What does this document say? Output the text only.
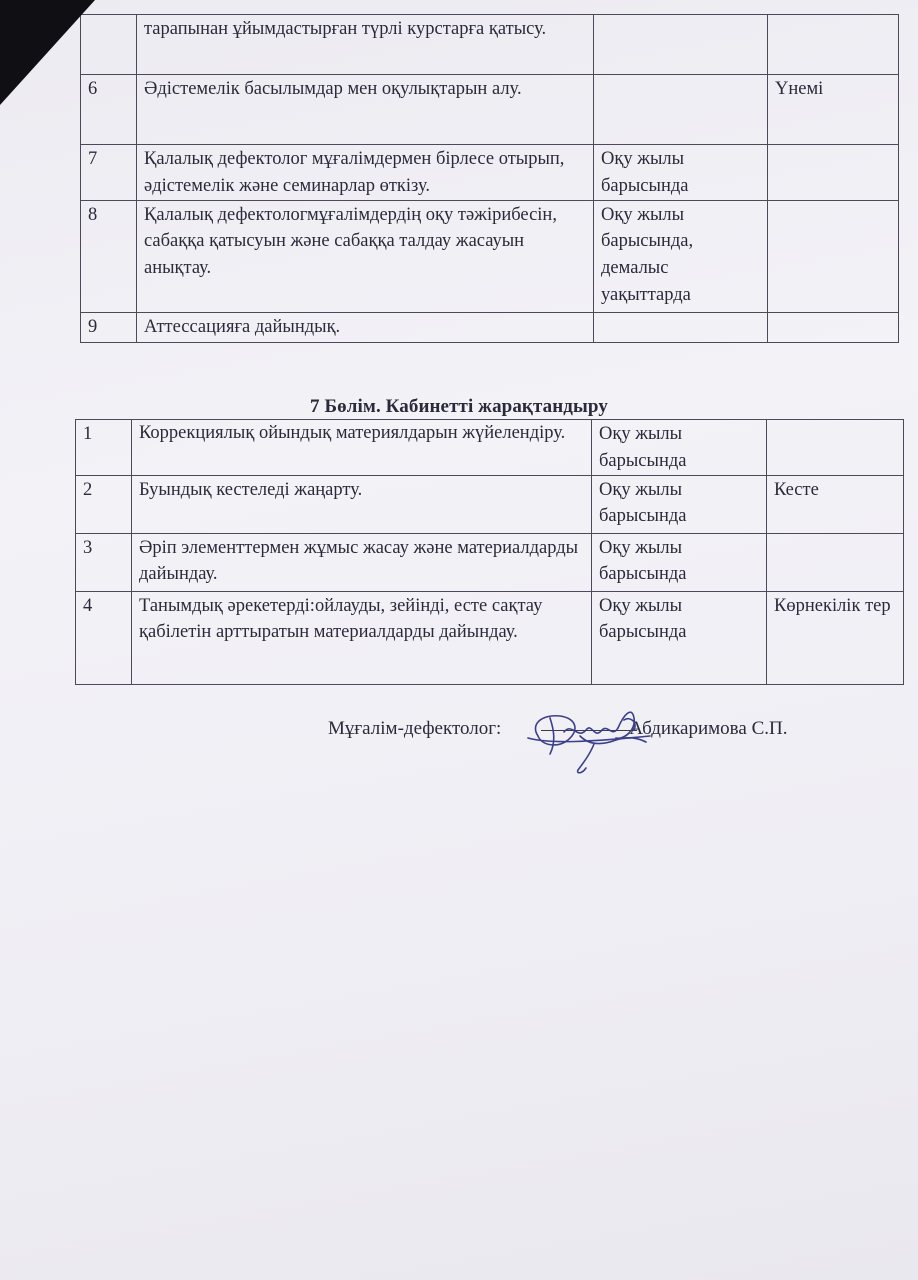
	тарапынан ұйымдастырған түрлі курстарға қатысу.		
6	Әдістемелік басылымдар мен оқулықтарын алу.		Үнемі
7	Қалалық дефектолог мұғалімдермен бірлесе отырып, әдістемелік және семинарлар өткізу.	Оқу жылы барысында	
8	Қалалық дефектологмұғалімдердің оқу тәжірибесін, сабаққа қатысуын және сабаққа талдау жасауын анықтау.	Оқу жылы барысында, демалыс уақыттарда	
9	Аттессацияға дайындық.		
7 Бөлім. Кабинетті жарақтандыру
1	Коррекциялық ойындық материялдарын жүйелендіру.	Оқу жылы барысында	
2	Буындық кестеледі жаңарту.	Оқу жылы барысында	Кесте
3	Әріп элементтермен жұмыс жасау және материалдарды дайындау.	Оқу жылы барысында	
4	Танымдық әрекетерді:ойлауды, зейінді, есте сақтау қабілетін арттыратын материалдарды дайындау.	Оқу жылы барысында	Көрнекілік тер
Мұғалім-дефектолог:	Абдикаримова С.П.
